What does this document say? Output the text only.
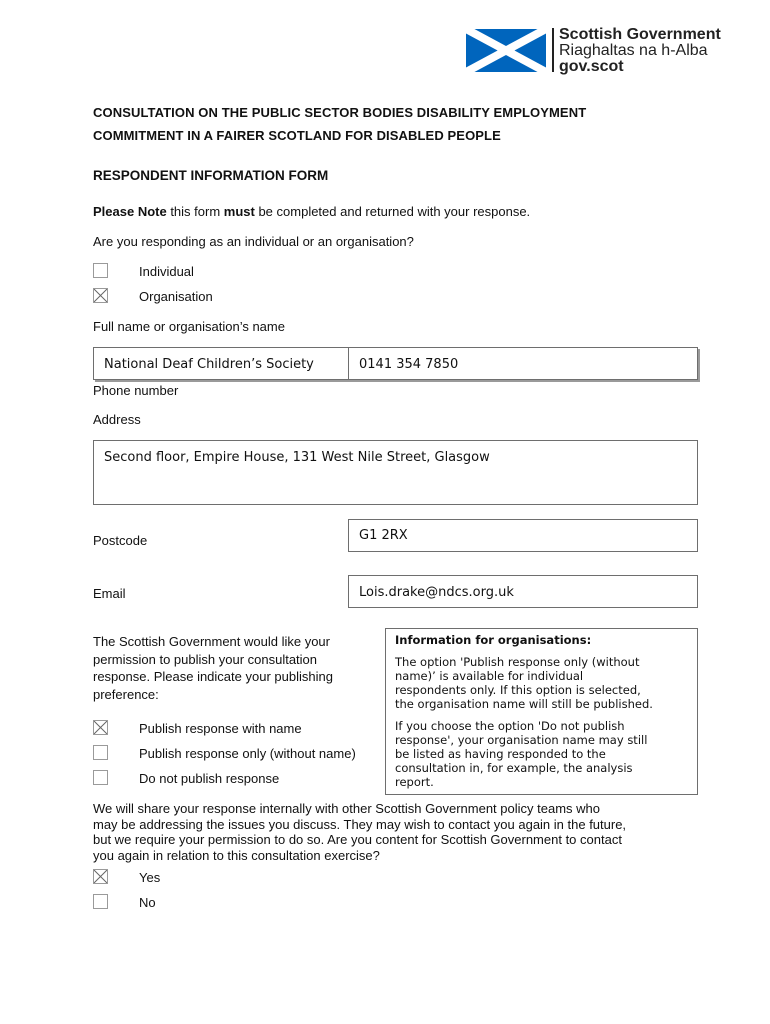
Scottish Government
Riaghaltas na h-Alba
gov.scot
CONSULTATION ON THE PUBLIC SECTOR BODIES DISABILITY EMPLOYMENT
COMMITMENT IN A FAIRER SCOTLAND FOR DISABLED PEOPLE
RESPONDENT INFORMATION FORM
Please Note this form must be completed and returned with your response.
Are you responding as an individual or an organisation?
Individual
Organisation
Full name or organisation’s name
National Deaf Children’s Society	0141 354 7850
Phone number
Address
Second floor, Empire House, 131 West Nile Street, Glasgow
Postcode	G1 2RX
Email	Lois.drake@ndcs.org.uk
The Scottish Government would like your
permission to publish your consultation
response. Please indicate your publishing
preference:
Publish response with name
Publish response only (without name)
Do not publish response
Information for organisations:

The option 'Publish response only (without
name)’ is available for individual
respondents only. If this option is selected,
the organisation name will still be published.

If you choose the option 'Do not publish
response', your organisation name may still
be listed as having responded to the
consultation in, for example, the analysis
report.

We will share your response internally with other Scottish Government policy teams who
may be addressing the issues you discuss. They may wish to contact you again in the future,
but we require your permission to do so. Are you content for Scottish Government to contact
you again in relation to this consultation exercise?
Yes
No
